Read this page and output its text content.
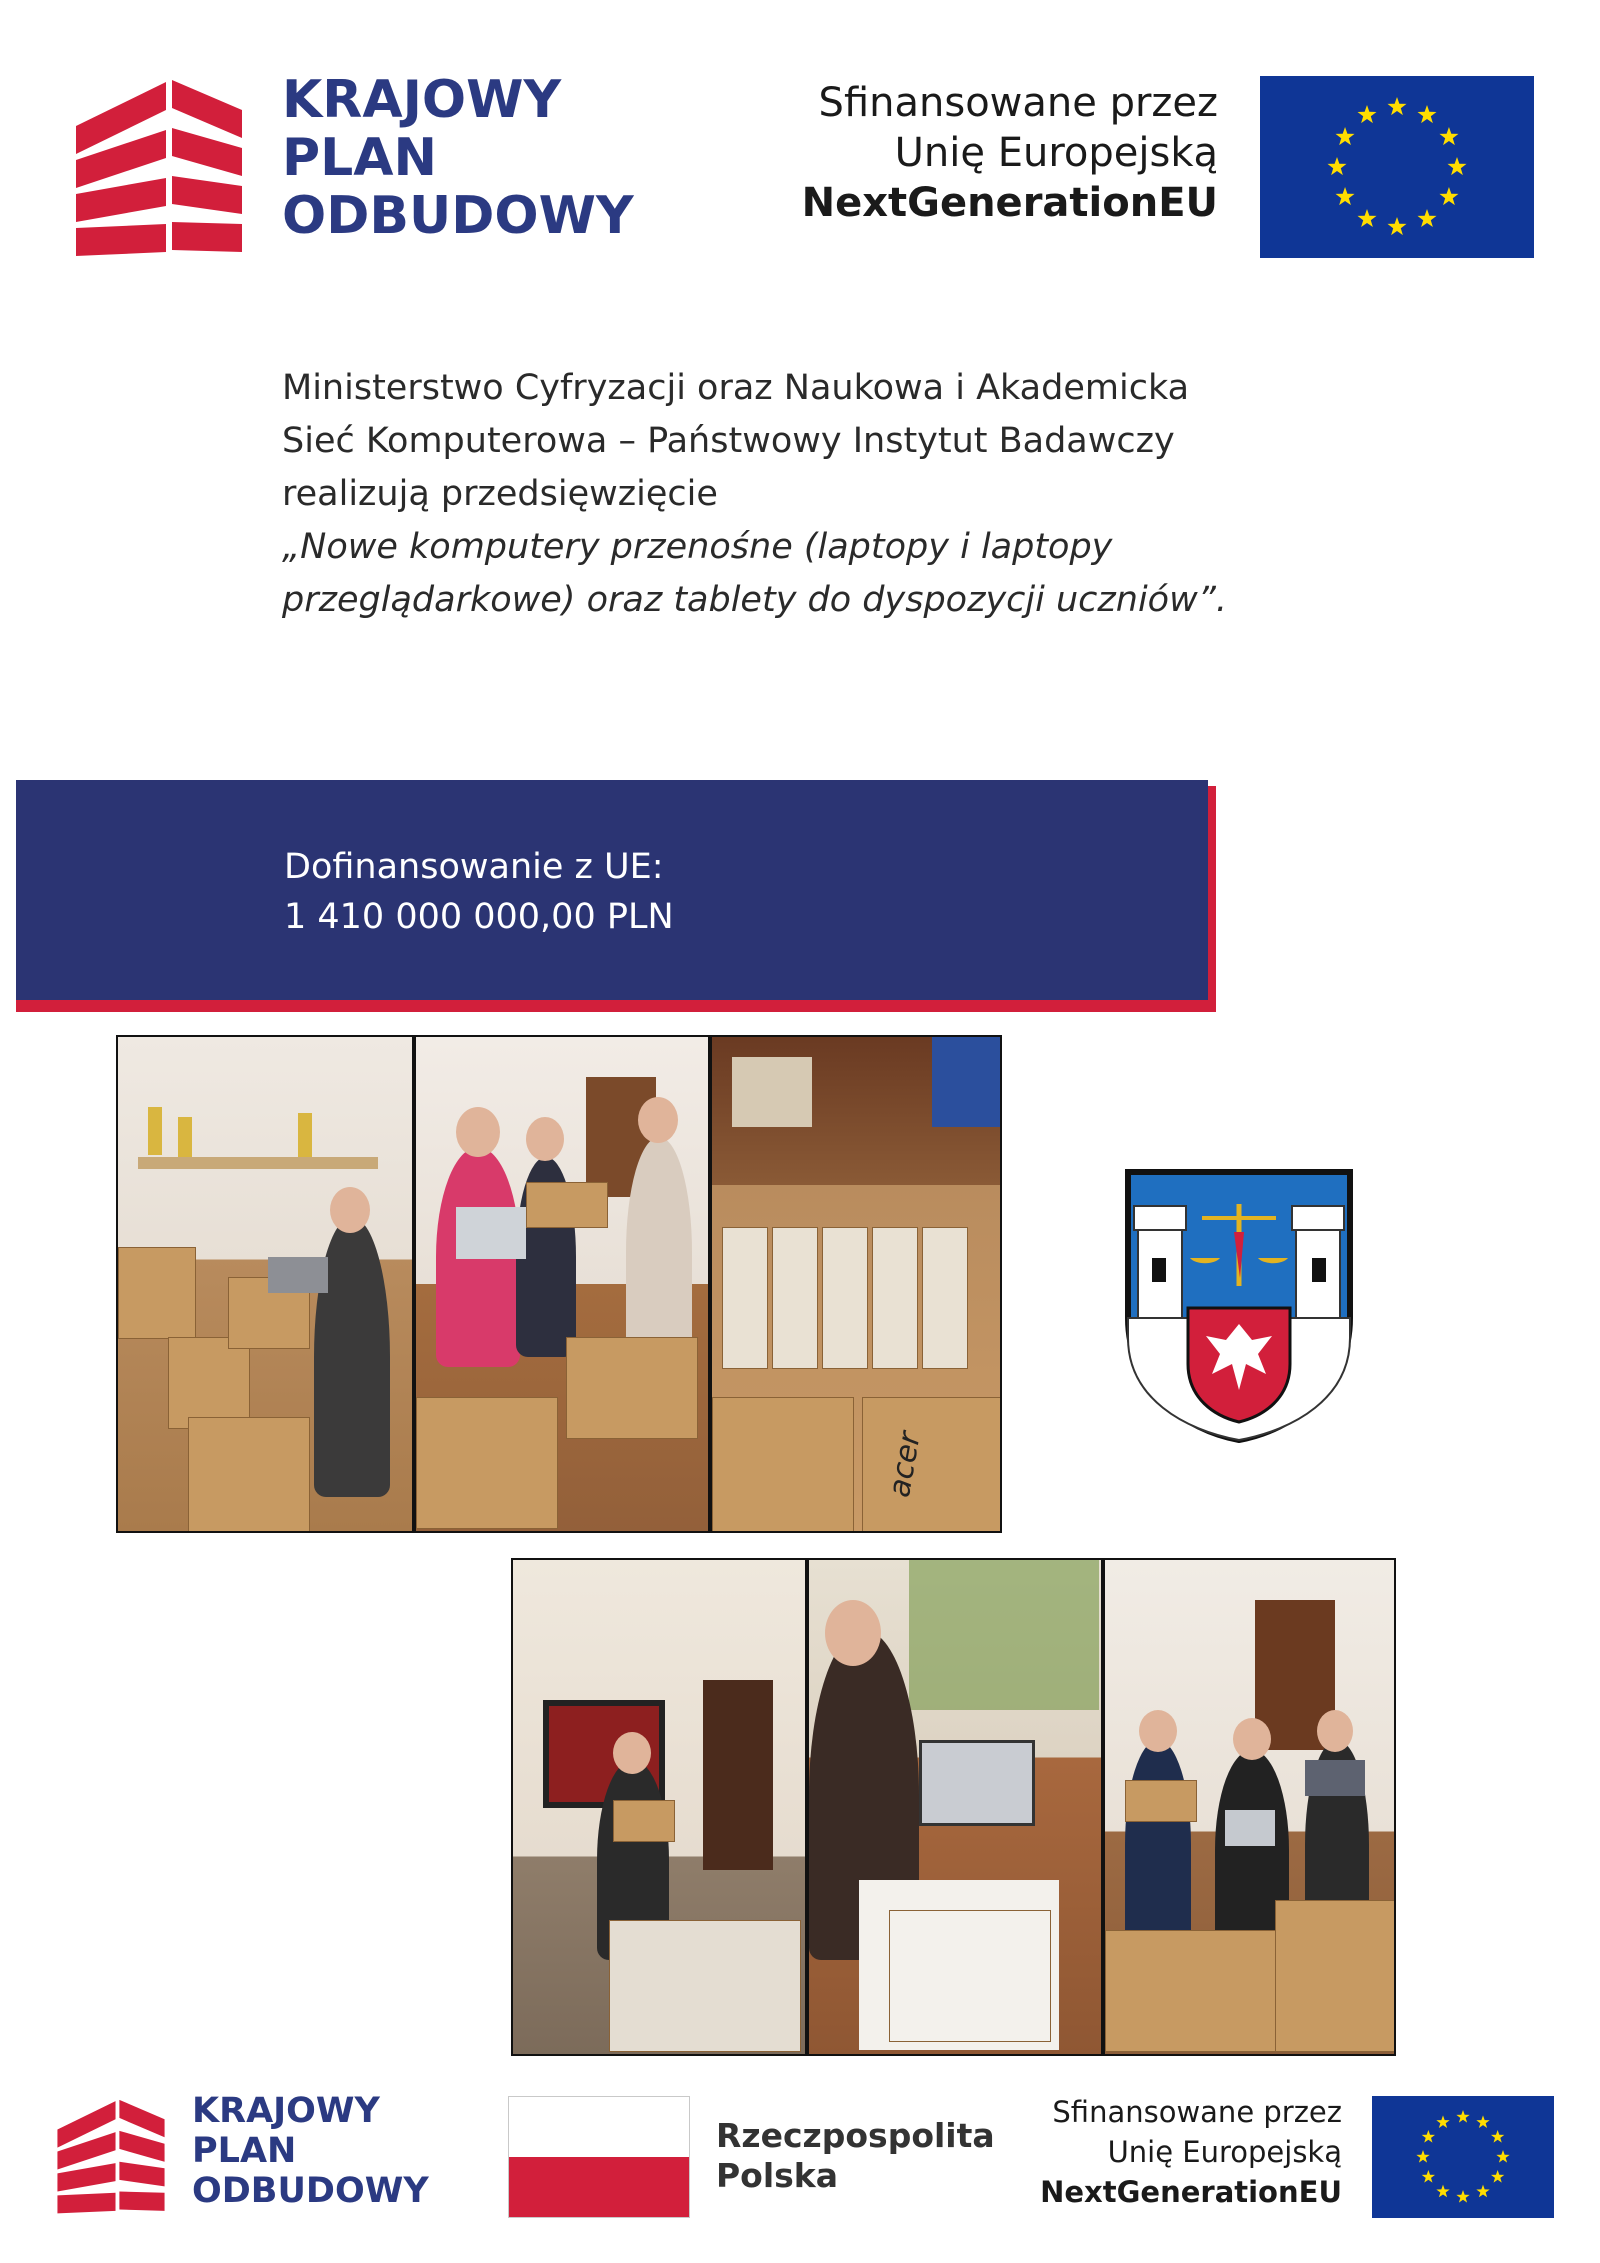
KRAJOWY
PLAN
ODBUDOWY
Sfinansowane przez
Unię Europejską
NextGenerationEU
Ministerstwo Cyfryzacji oraz Naukowa i Akademicka
Sieć Komputerowa – Państwowy Instytut Badawczy
realizują przedsięwzięcie
„Nowe komputery przenośne (laptopy i laptopy
przeglądarkowe) oraz tablety do dyspozycji uczniów”.
Dofinansowanie z UE:
1 410 000 000,00 PLN
acer
KRAJOWY
PLAN
ODBUDOWY
Rzeczpospolita
Polska
Sfinansowane przez
Unię Europejską
NextGenerationEU
